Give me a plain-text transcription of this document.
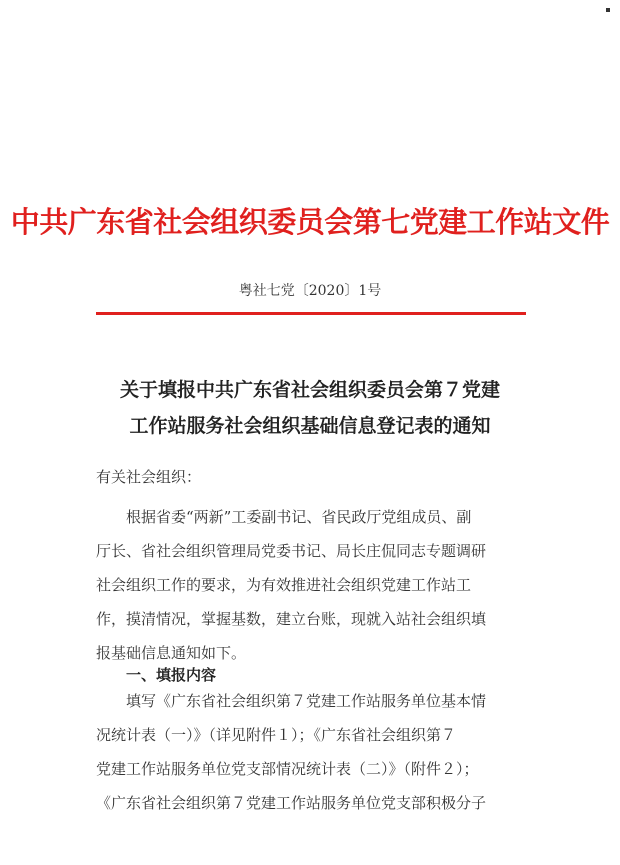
中共广东省社会组织委员会第七党建工作站文件
粤社七党〔2020〕1号
关于填报中共广东省社会组织委员会第７党建
工作站服务社会组织基础信息登记表的通知
有关社会组织：
根据省委“两新”工委副书记、省民政厅党组成员、副
厅长、省社会组织管理局党委书记、局长庄侃同志专题调研
社会组织工作的要求，为有效推进社会组织党建工作站工
作，摸清情况，掌握基数，建立台账，现就入站社会组织填
报基础信息通知如下。
一、填报内容
填写《广东省社会组织第７党建工作站服务单位基本情
况统计表（一）》（详见附件１）；《广东省社会组织第７
党建工作站服务单位党支部情况统计表（二）》（附件２）；
《广东省社会组织第７党建工作站服务单位党支部积极分子
